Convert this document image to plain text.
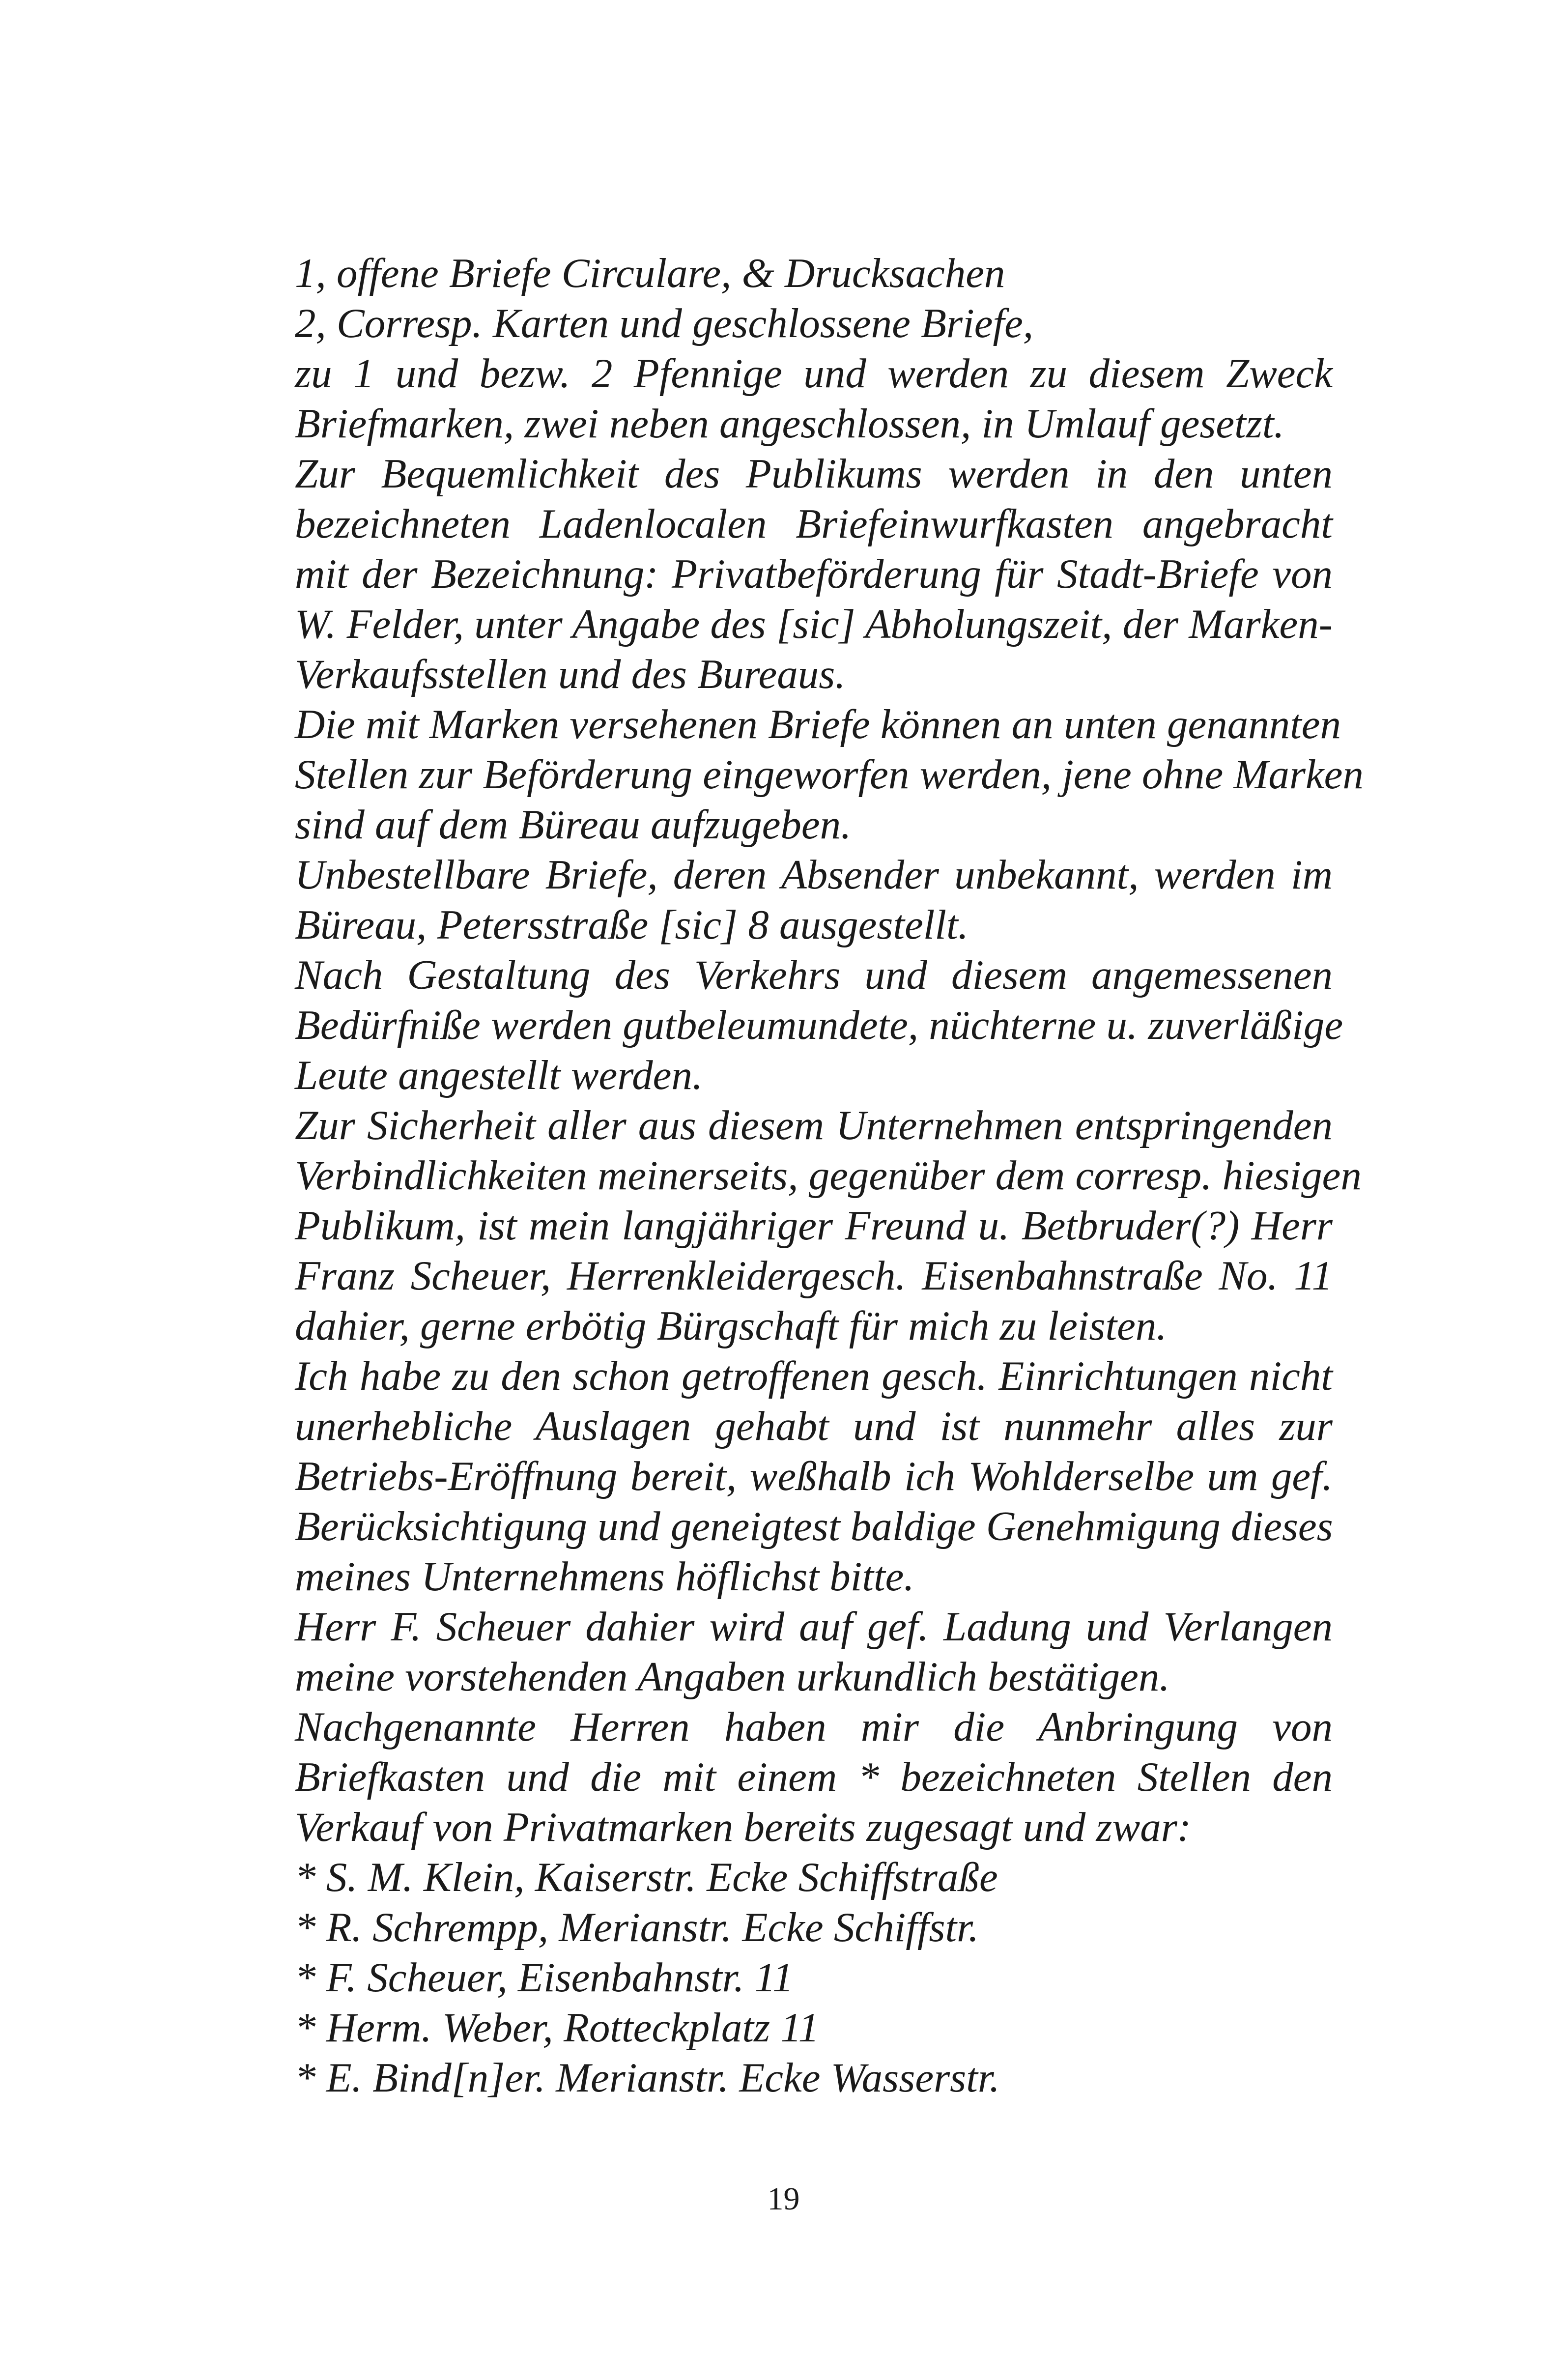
1, offene Briefe Circulare, & Drucksachen
2, Corresp. Karten und geschlossene Briefe,
zu 1 und bezw. 2 Pfennige und werden zu diesem Zweck
Briefmarken, zwei neben angeschlossen, in Umlauf gesetzt.
Zur Bequemlichkeit des Publikums werden in den unten
bezeichneten Ladenlocalen Briefeinwurfkasten angebracht
mit der Bezeichnung: Privatbeförderung für Stadt-Briefe von
W. Felder, unter Angabe des [sic] Abholungszeit, der Marken-
Verkaufsstellen und des Bureaus.
Die mit Marken versehenen Briefe können an unten genannten
Stellen zur Beförderung eingeworfen werden, jene ohne Marken
sind auf dem Büreau aufzugeben.
Unbestellbare Briefe, deren Absender unbekannt, werden im
Büreau, Petersstraße [sic] 8 ausgestellt.
Nach Gestaltung des Verkehrs und diesem angemessenen
Bedürfniße werden gutbeleumundete, nüchterne u. zuverläßige
Leute angestellt werden.
Zur Sicherheit aller aus diesem Unternehmen entspringenden
Verbindlichkeiten meinerseits, gegenüber dem corresp. hiesigen
Publikum, ist mein langjähriger Freund u. Betbruder(?) Herr
Franz Scheuer, Herrenkleidergesch. Eisenbahnstraße No. 11
dahier, gerne erbötig Bürgschaft für mich zu leisten.
Ich habe zu den schon getroffenen gesch. Einrichtungen nicht
unerhebliche Auslagen gehabt und ist nunmehr alles zur
Betriebs-Eröffnung bereit, weßhalb ich Wohlderselbe um gef.
Berücksichtigung und geneigtest baldige Genehmigung dieses
meines Unternehmens höflichst bitte.
Herr F. Scheuer dahier wird auf gef. Ladung und Verlangen
meine vorstehenden Angaben urkundlich bestätigen.
Nachgenannte Herren haben mir die Anbringung von
Briefkasten und die mit einem * bezeichneten Stellen den
Verkauf von Privatmarken bereits zugesagt und zwar:
* S. M. Klein, Kaiserstr. Ecke Schiffstraße
* R. Schrempp, Merianstr. Ecke Schiffstr.
* F. Scheuer, Eisenbahnstr. 11
* Herm. Weber, Rotteckplatz 11
* E. Bind[n]er. Merianstr. Ecke Wasserstr.
19
